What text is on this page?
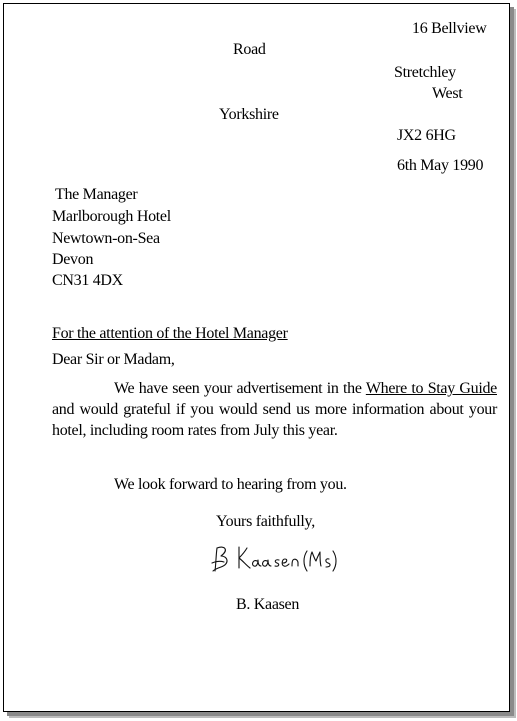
16 Bellview
Road
Stretchley
West
Yorkshire
JX2 6HG
6th May 1990
The Manager
Marlborough Hotel
Newtown-on-Sea
Devon
CN31 4DX
For the attention of the Hotel Manager
Dear Sir or Madam,
We have seen your advertisement in the Where to Stay Guide and would grateful if you would send us more information about your hotel, including room rates from July this year.
We look forward to hearing from you.
Yours faithfully,
B. Kaasen
